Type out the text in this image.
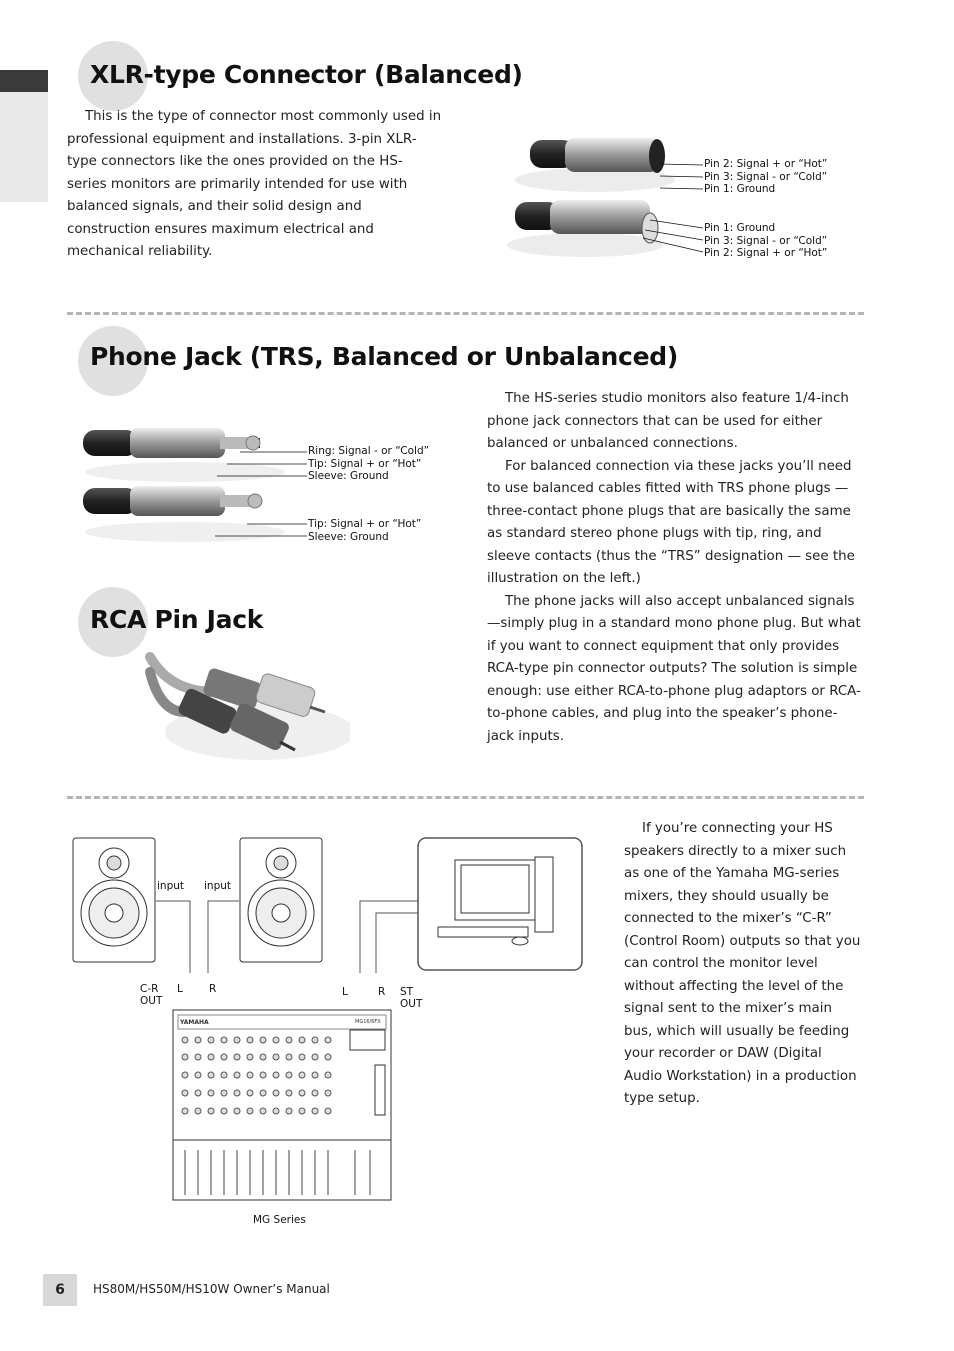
XLR-type Connector (Balanced)

This is the type of connector most commonly used in professional equipment and installations. 3-pin XLR-type connectors like the ones provided on the HS-series monitors are primarily intended for use with balanced signals, and their solid design and construction ensures maximum electrical and mechanical reliability.

Pin 2: Signal + or “Hot”
Pin 3: Signal - or “Cold”
Pin 1: Ground
Pin 1: Ground
Pin 3: Signal - or “Cold”
Pin 2: Signal + or “Hot”
Phone Jack (TRS, Balanced or Unbalanced)
Ring: Signal - or “Cold”
Tip: Signal + or “Hot”
Sleeve: Ground
Tip: Signal + or “Hot”
Sleeve: Ground

The HS-series studio monitors also feature 1/4-inch phone jack connectors that can be used for either balanced or unbalanced connections.

For balanced connection via these jacks you’ll need to use balanced cables fitted with TRS phone plugs — three-contact phone plugs that are basically the same as standard stereo phone plugs with tip, ring, and sleeve contacts (thus the “TRS” designation — see the illustration on the left.)

The phone jacks will also accept unbalanced signals —simply plug in a standard mono phone plug. But what if you want to connect equipment that only provides RCA-type pin connector outputs? The solution is simple enough: use either RCA-to-phone plug adaptors or RCA-to-phone cables, and plug into the speaker’s phone-jack inputs.

RCA Pin Jack
YAMAHA	MG16/6FX
input input
C-R
OUT
L R	L	R ST
OUT
MG Series

If you’re connecting your HS speakers directly to a mixer such as one of the Yamaha MG-series mixers, they should usually be connected to the mixer’s “C-R” (Control Room) outputs so that you can control the monitor level without affecting the level of the signal sent to the mixer’s main bus, which will usually be feeding your recorder or DAW (Digital Audio Workstation) in a production type setup.

6	HS80M/HS50M/HS10W Owner’s Manual
